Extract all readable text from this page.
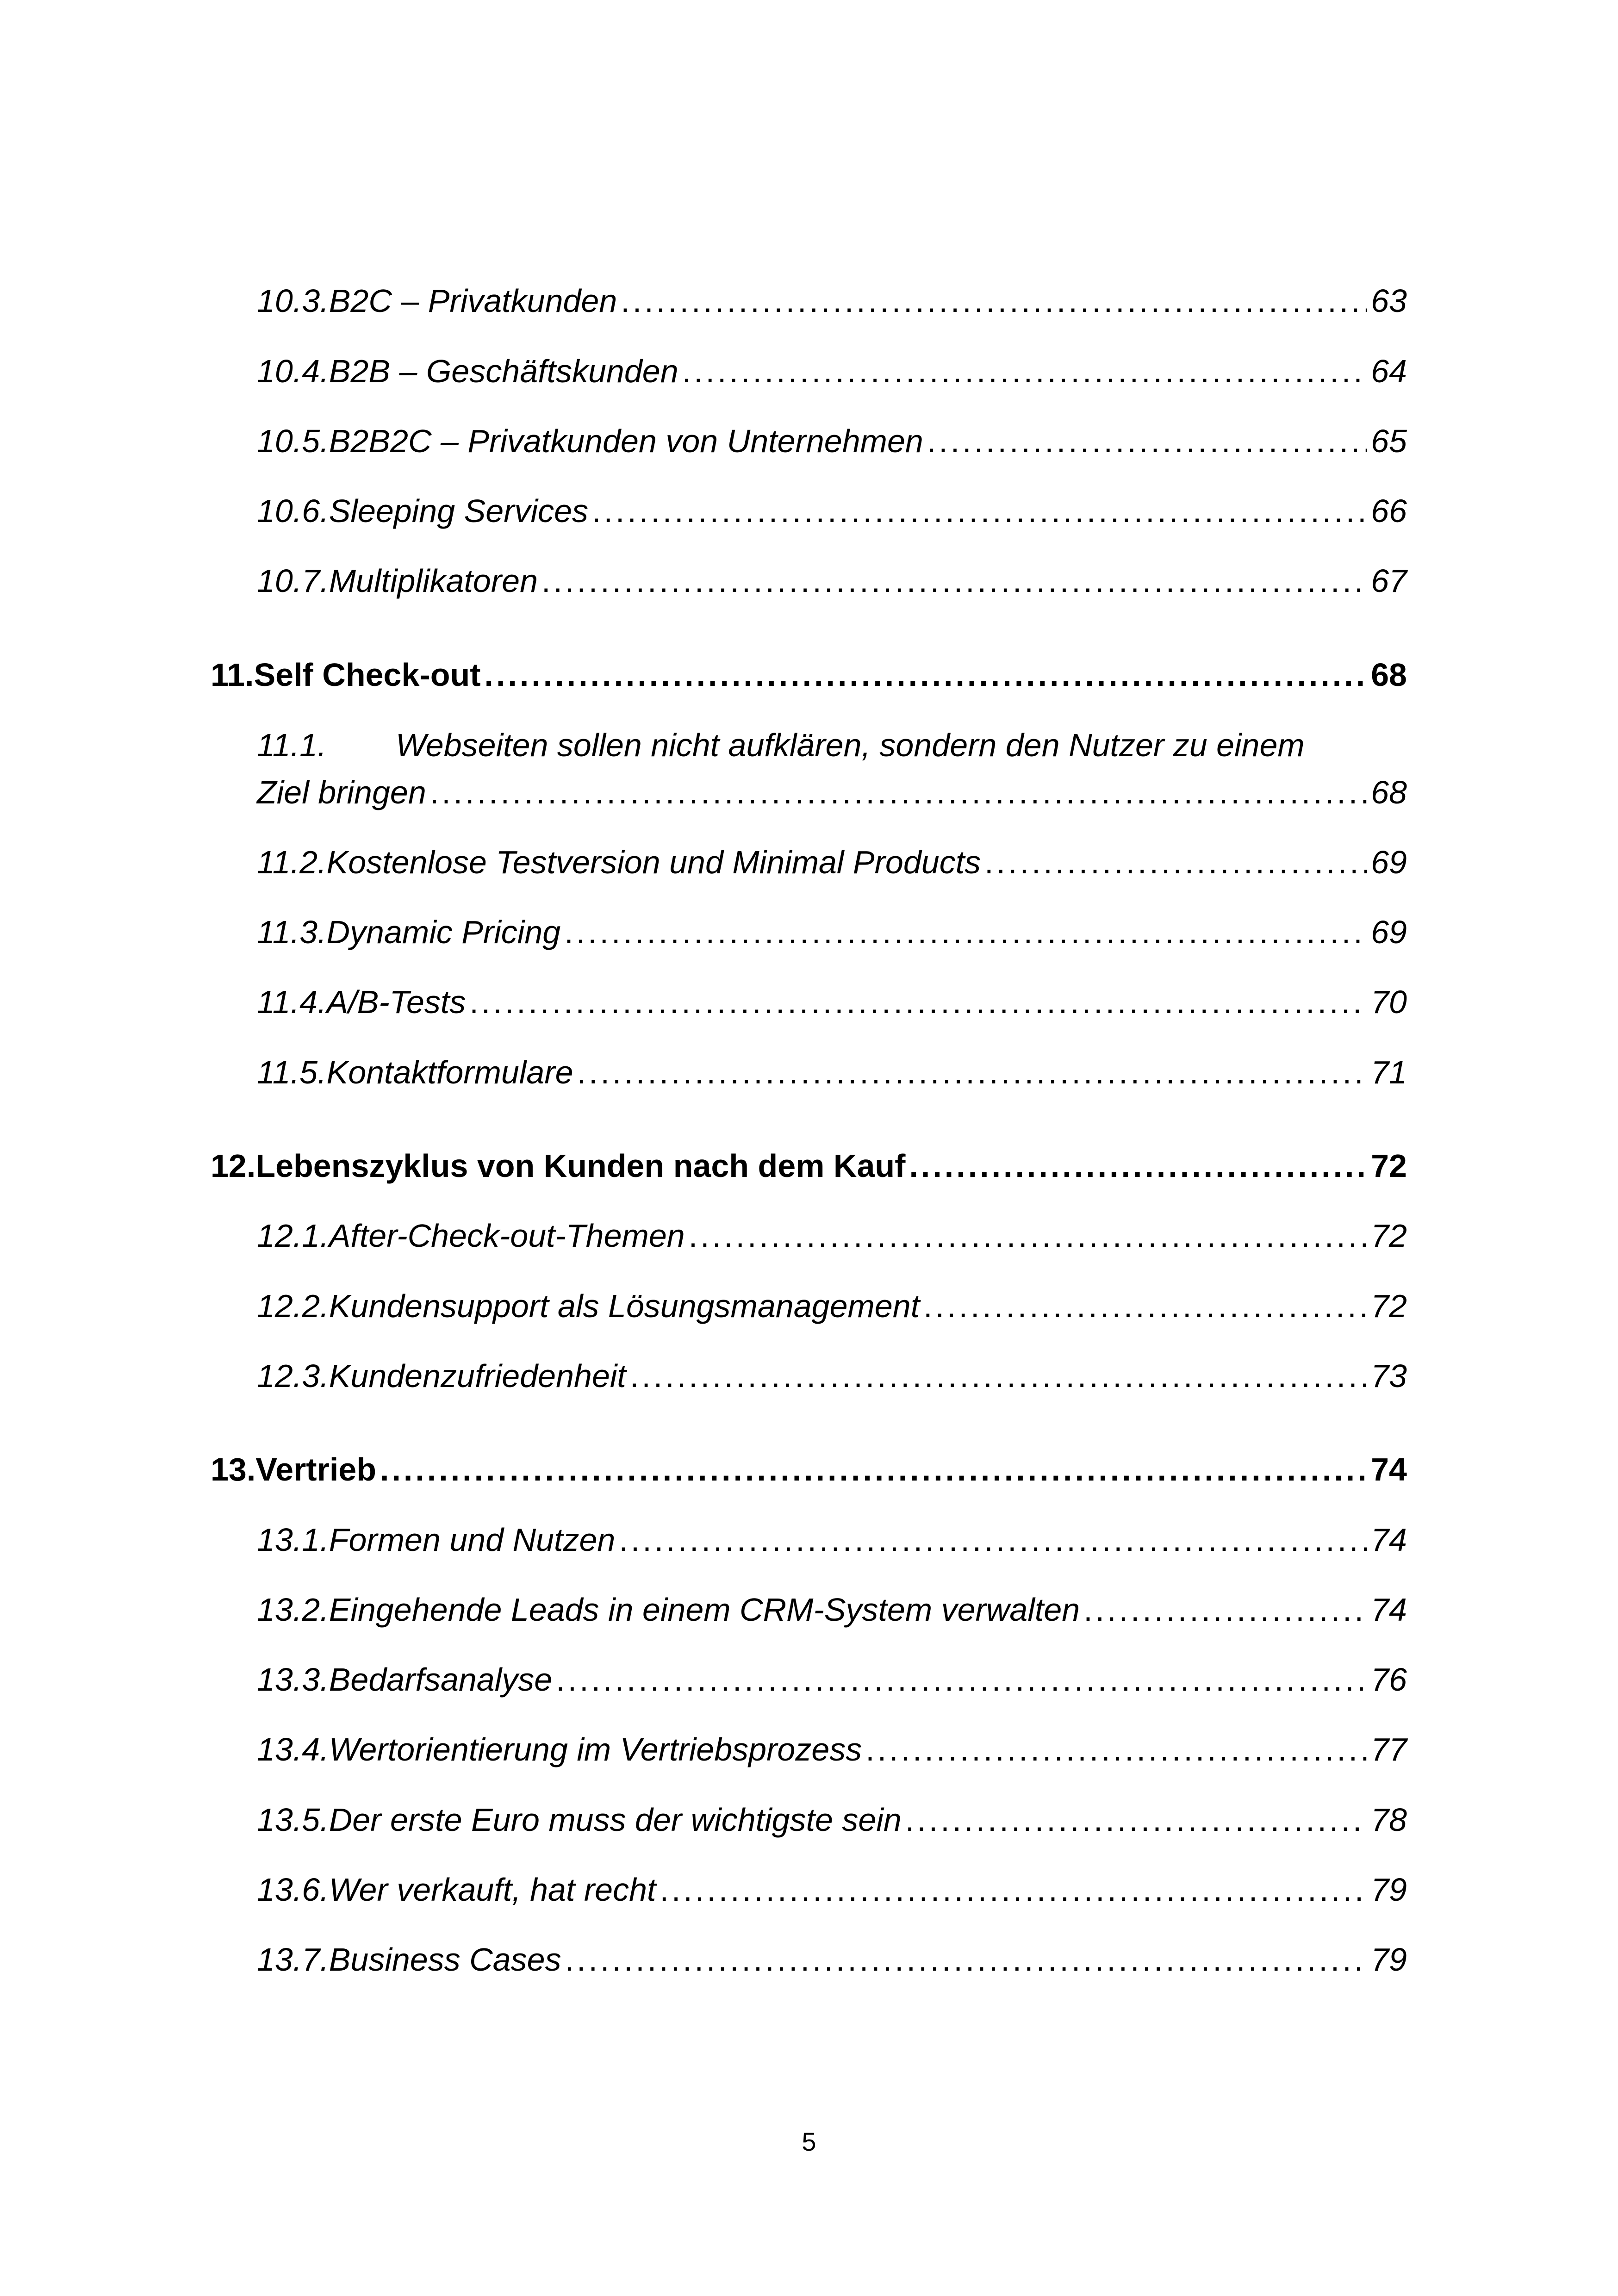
10.3. B2C – Privatkunden .....	63
10.4. B2B – Geschäftskunden .....	64
10.5. B2B2C – Privatkunden von Unternehmen .....	65
10.6. Sleeping Services .....	66
10.7. Multiplikatoren .....	67
11. Self Check-out .....	68
11.1.	Webseiten sollen nicht aufklären, sondern den Nutzer zu einem
Ziel bringen .....	68
11.2. Kostenlose Testversion und Minimal Products .....	69
11.3. Dynamic Pricing .....	69
11.4. A/B-Tests .....	70
11.5. Kontaktformulare .....	71
12. Lebenszyklus von Kunden nach dem Kauf .....	72
12.1. After-Check-out-Themen .....	72
12.2. Kundensupport als Lösungsmanagement .....	72
12.3. Kundenzufriedenheit .....	73
13. Vertrieb .....	74
13.1. Formen und Nutzen .....	74
13.2. Eingehende Leads in einem CRM-System verwalten .....	74
13.3. Bedarfsanalyse .....	76
13.4. Wertorientierung im Vertriebsprozess .....	77
13.5. Der erste Euro muss der wichtigste sein .....	78
13.6. Wer verkauft, hat recht .....	79
13.7. Business Cases .....	79
5
